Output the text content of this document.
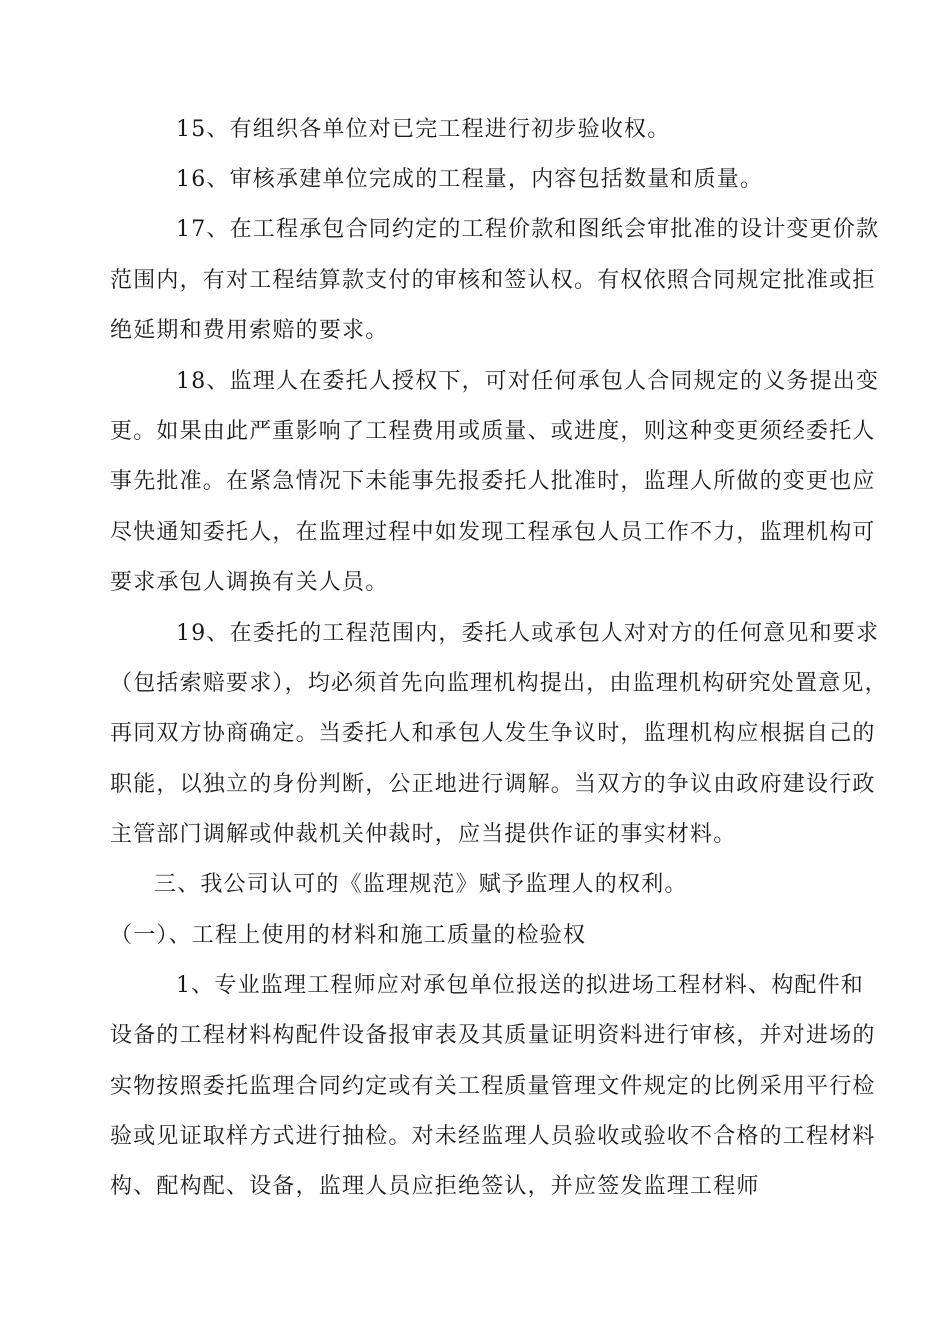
15、有组织各单位对已完工程进行初步验收权。
16、审核承建单位完成的工程量，内容包括数量和质量。
17、在工程承包合同约定的工程价款和图纸会审批准的设计变更价款
范围内，有对工程结算款支付的审核和签认权。有权依照合同规定批准或拒
绝延期和费用索赔的要求。
18、监理人在委托人授权下，可对任何承包人合同规定的义务提出变
更。如果由此严重影响了工程费用或质量、或进度，则这种变更须经委托人
事先批准。在紧急情况下未能事先报委托人批准时，监理人所做的变更也应
尽快通知委托人，在监理过程中如发现工程承包人员工作不力，监理机构可
要求承包人调换有关人员。
19、在委托的工程范围内，委托人或承包人对对方的任何意见和要求
（包括索赔要求），均必须首先向监理机构提出，由监理机构研究处置意见，
再同双方协商确定。当委托人和承包人发生争议时，监理机构应根据自己的
职能，以独立的身份判断，公正地进行调解。当双方的争议由政府建设行政
主管部门调解或仲裁机关仲裁时，应当提供作证的事实材料。
三、我公司认可的《监理规范》赋予监理人的权利。
（一）、工程上使用的材料和施工质量的检验权
1、专业监理工程师应对承包单位报送的拟进场工程材料、构配件和
设备的工程材料构配件设备报审表及其质量证明资料进行审核，并对进场的
实物按照委托监理合同约定或有关工程质量管理文件规定的比例采用平行检
验或见证取样方式进行抽检。对未经监理人员验收或验收不合格的工程材料
构、配构配、设备，监理人员应拒绝签认，并应签发监理工程师
